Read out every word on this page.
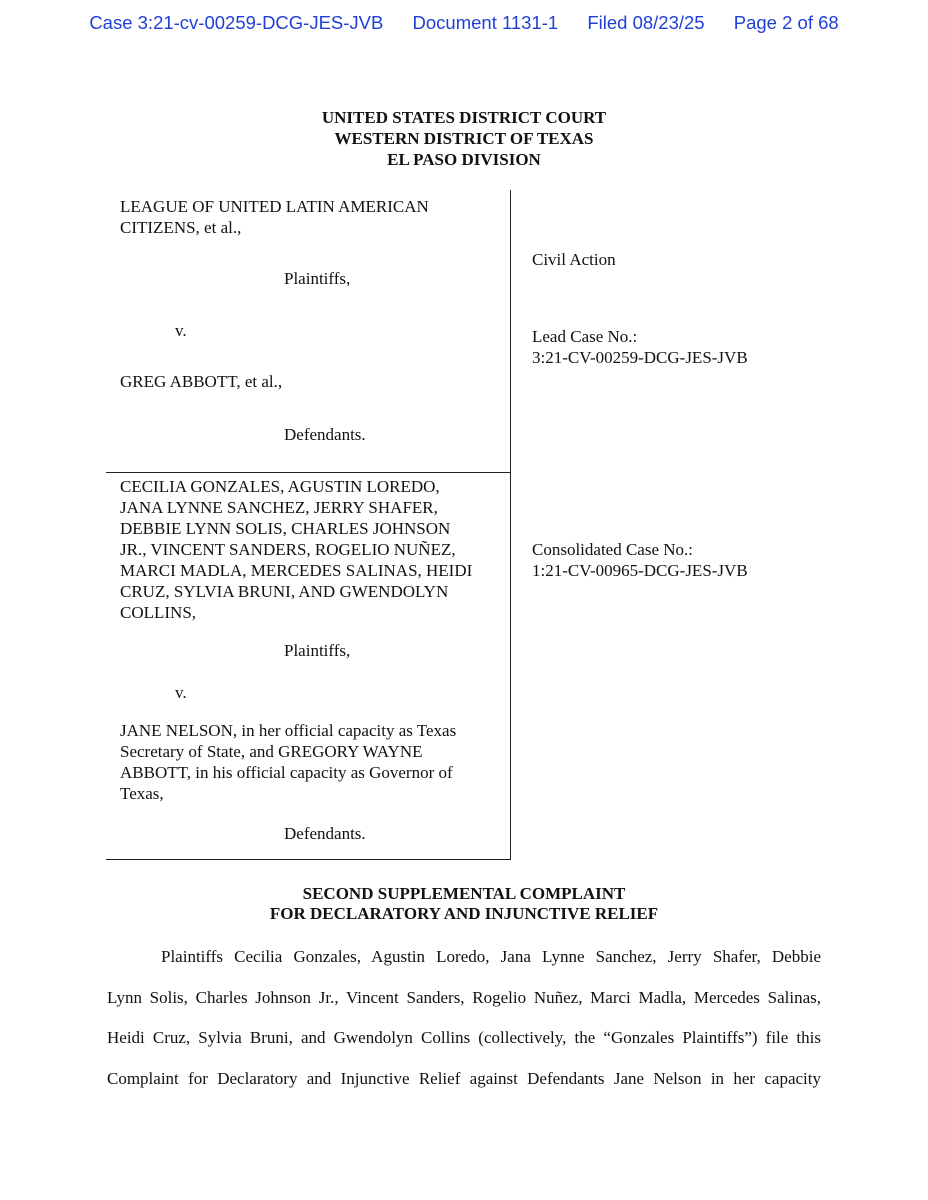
Case 3:21-cv-00259-DCG-JES-JVB Document 1131-1 Filed 08/23/25 Page 2 of 68
UNITED STATES DISTRICT COURT
WESTERN DISTRICT OF TEXAS
EL PASO DIVISION

LEAGUE OF UNITED LATIN AMERICAN
CITIZENS, et al.,

Plaintiffs,
v.

GREG ABBOTT, et al.,

Defendants.

CECILIA GONZALES, AGUSTIN LOREDO,
JANA LYNNE SANCHEZ, JERRY SHAFER,
DEBBIE LYNN SOLIS, CHARLES JOHNSON
JR., VINCENT SANDERS, ROGELIO NUÑEZ,
MARCI MADLA, MERCEDES SALINAS, HEIDI
CRUZ, SYLVIA BRUNI, AND GWENDOLYN
COLLINS,

Plaintiffs,
v.

JANE NELSON, in her official capacity as Texas
Secretary of State, and GREGORY WAYNE
ABBOTT, in his official capacity as Governor of
Texas,

Defendants.
Civil Action

Lead Case No.:
3:21-CV-00259-DCG-JES-JVB

Consolidated Case No.:
1:21-CV-00965-DCG-JES-JVB

SECOND SUPPLEMENTAL COMPLAINT
FOR DECLARATORY AND INJUNCTIVE RELIEF

Plaintiffs Cecilia Gonzales, Agustin Loredo, Jana Lynne Sanchez, Jerry Shafer, Debbie
Lynn Solis, Charles Johnson Jr., Vincent Sanders, Rogelio Nuñez, Marci Madla, Mercedes Salinas,
Heidi Cruz, Sylvia Bruni, and Gwendolyn Collins (collectively, the “Gonzales Plaintiffs”) file this
Complaint for Declaratory and Injunctive Relief against Defendants Jane Nelson in her capacity
